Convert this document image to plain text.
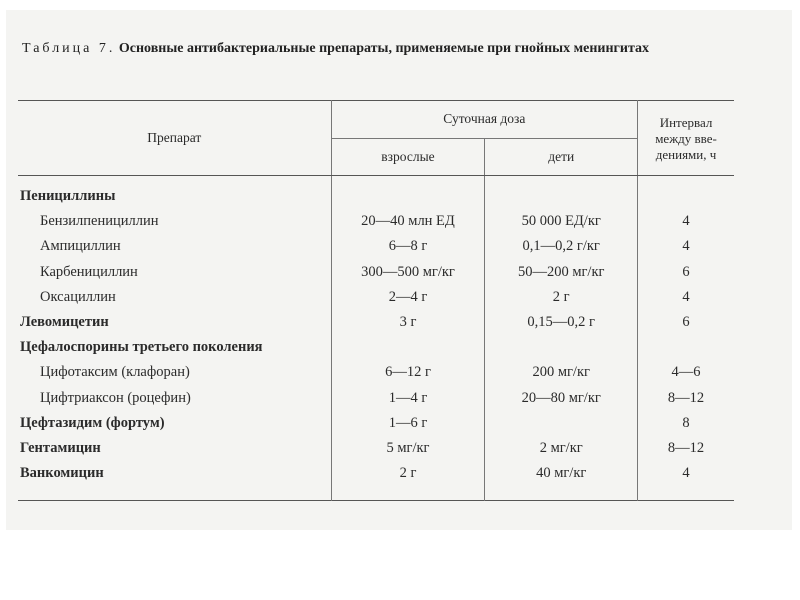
Таблица 7. Основные антибактериальные препараты, применяемые при гнойных менингитах
Препарат	Суточная доза		Интервал
между вве-
дениями, ч

	взрослые	дети	
Пенициллины			
Бензилпенициллин	20—40 млн ЕД	50 000 ЕД/кг	4
Ампициллин	6—8 г	0,1—0,2 г/кг	4
Карбенициллин	300—500 мг/кг	50—200 мг/кг	6
Оксациллин	2—4 г	2 г	4
Левомицетин	3 г	0,15—0,2 г	6
Цефалоспорины третьего поколения			
Цифотаксим (клафоран)	6—12 г	200 мг/кг	4—6
Цифтриаксон (роцефин)	1—4 г	20—80 мг/кг	8—12
Цефтазидим (фортум)	1—6 г		8
Гентамицин	5 мг/кг	2 мг/кг	8—12
Ванкомицин	2 г	40 мг/кг	4
